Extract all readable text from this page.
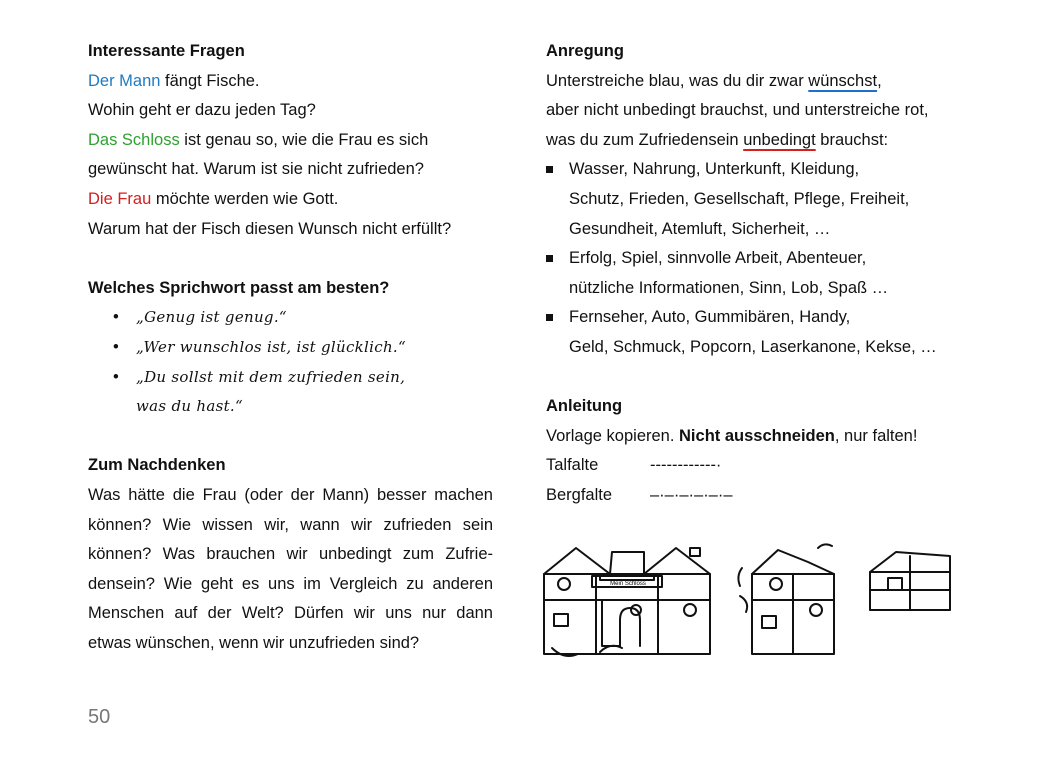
Interessante Fragen
Der Mann fängt Fische.
Wohin geht er dazu jeden Tag?
Das Schloss ist genau so, wie die Frau es sich
gewünscht hat. Warum ist sie nicht zufrieden?
Die Frau möchte werden wie Gott.
Warum hat der Fisch diesen Wunsch nicht erfüllt?
Welches Sprichwort passt am besten?
• „Genug ist genug.“
• „Wer wunschlos ist, ist glücklich.“
• „Du sollst mit dem zufrieden sein,
was du hast.“
Zum Nachdenken
Was hätte die Frau (oder der Mann) besser machen
können? Wie wissen wir, wann wir zufrieden sein
können? Was brauchen wir unbedingt zum Zufrie-
densein? Wie geht es uns im Vergleich zu anderen
Menschen auf der Welt? Dürfen wir uns nur dann
etwas wünschen, wenn wir unzufrieden sind?
Anregung
Unterstreiche blau, was du dir zwar wünschst,
aber nicht unbedingt brauchst, und unterstreiche rot,
was du zum Zufriedensein unbedingt brauchst:
Wasser, Nahrung, Unterkunft, Kleidung,
Schutz, Frieden, Gesellschaft, Pflege, Freiheit,
Gesundheit, Atemluft, Sicherheit, …
Erfolg, Spiel, sinnvolle Arbeit, Abenteuer,
nützliche Informationen, Sinn, Lob, Spaß …
Fernseher, Auto, Gummibären, Handy,
Geld, Schmuck, Popcorn, Laserkanone, Kekse, …
Anleitung
Vorlage kopieren. Nicht ausschneiden, nur falten!
Talfalte	------------·
Bergfalte –·–·–·–·–·–
Mein Schloss
50
